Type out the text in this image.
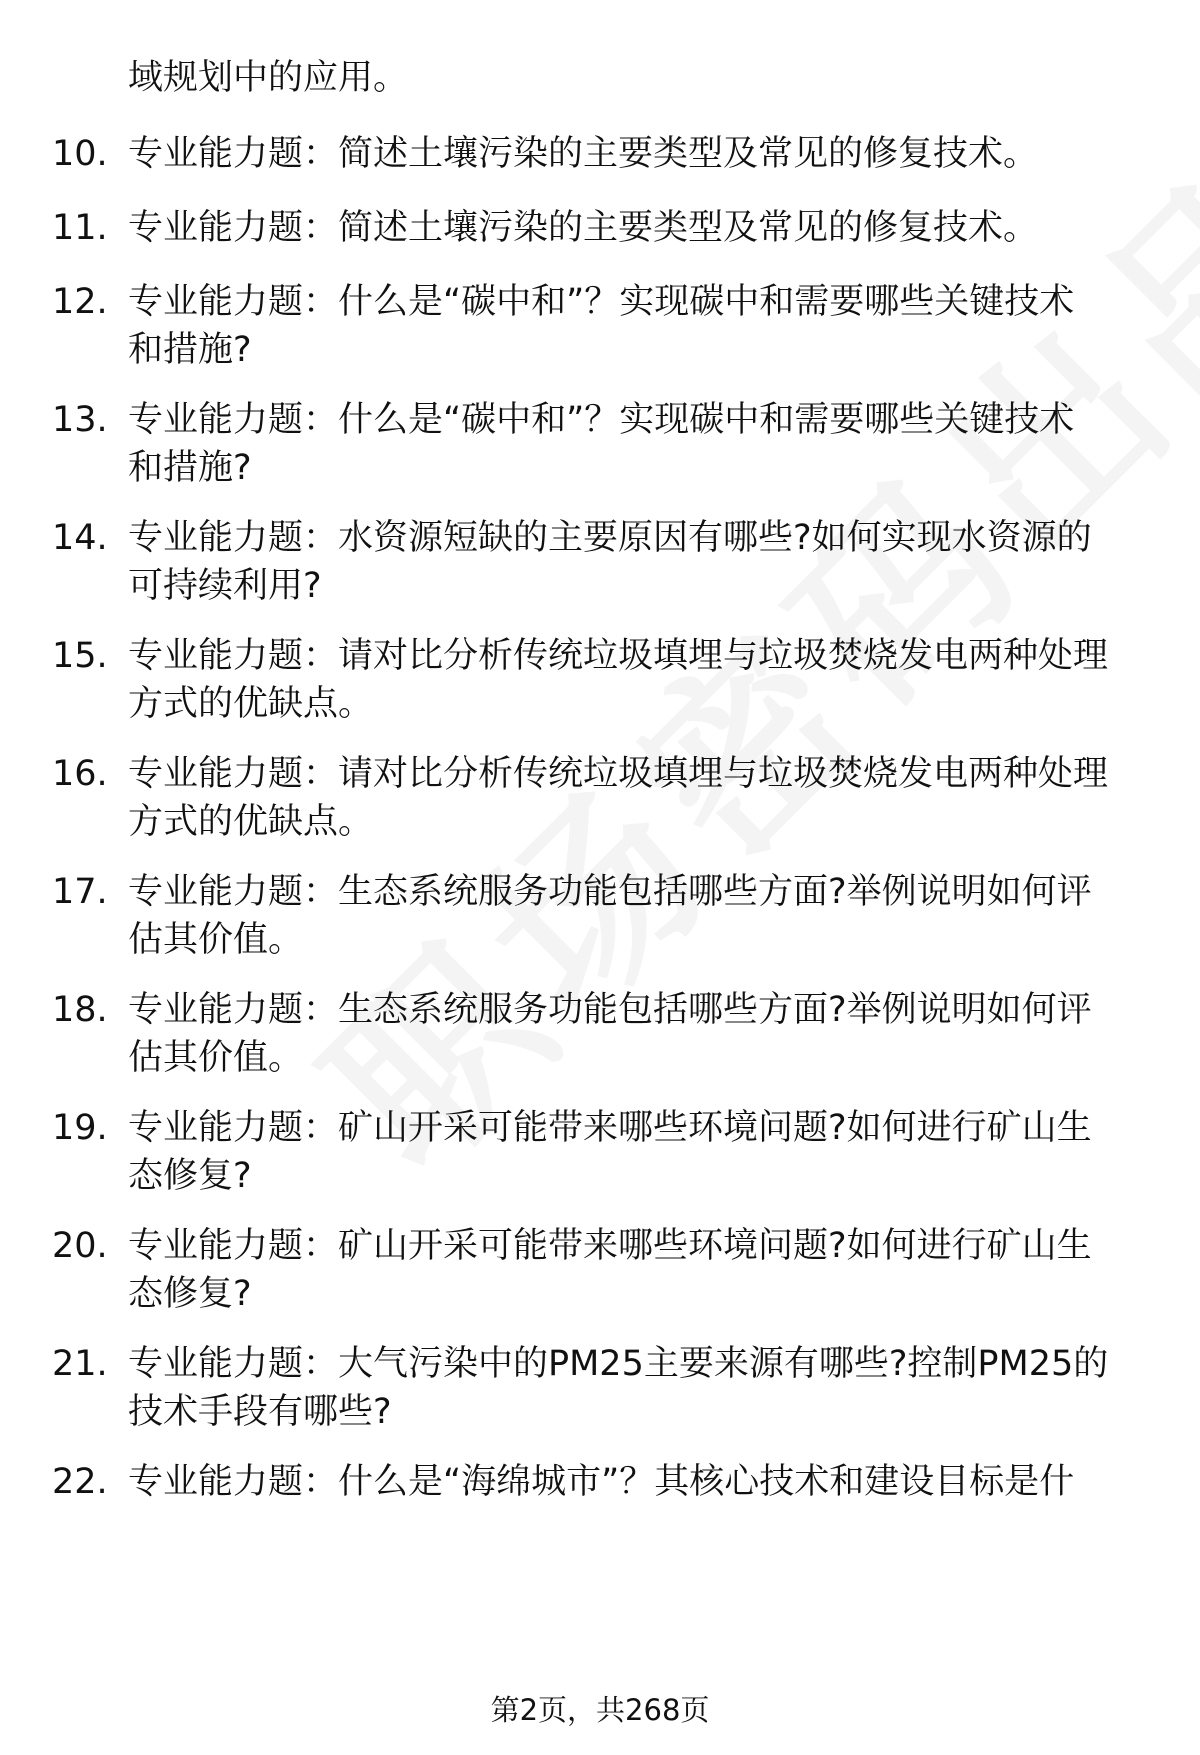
域规划中的应用。
10. 专业能力题：简述土壤污染的主要类型及常见的修复技术。
11. 专业能力题：简述土壤污染的主要类型及常见的修复技术。
12. 专业能力题：什么是“碳中和”？实现碳中和需要哪些关键技术
和措施?
13. 专业能力题：什么是“碳中和”？实现碳中和需要哪些关键技术
和措施?
14. 专业能力题：水资源短缺的主要原因有哪些?如何实现水资源的
可持续利用?
15. 专业能力题：请对比分析传统垃圾填埋与垃圾焚烧发电两种处理
方式的优缺点。
16. 专业能力题：请对比分析传统垃圾填埋与垃圾焚烧发电两种处理
方式的优缺点。
17. 专业能力题：生态系统服务功能包括哪些方面?举例说明如何评
估其价值。
18. 专业能力题：生态系统服务功能包括哪些方面?举例说明如何评
估其价值。
19. 专业能力题：矿山开采可能带来哪些环境问题?如何进行矿山生
态修复?
20. 专业能力题：矿山开采可能带来哪些环境问题?如何进行矿山生
态修复?
21. 专业能力题：大气污染中的PM25主要来源有哪些?控制PM25的
技术手段有哪些?
22. 专业能力题：什么是“海绵城市”？其核心技术和建设目标是什
第2页，共268页
